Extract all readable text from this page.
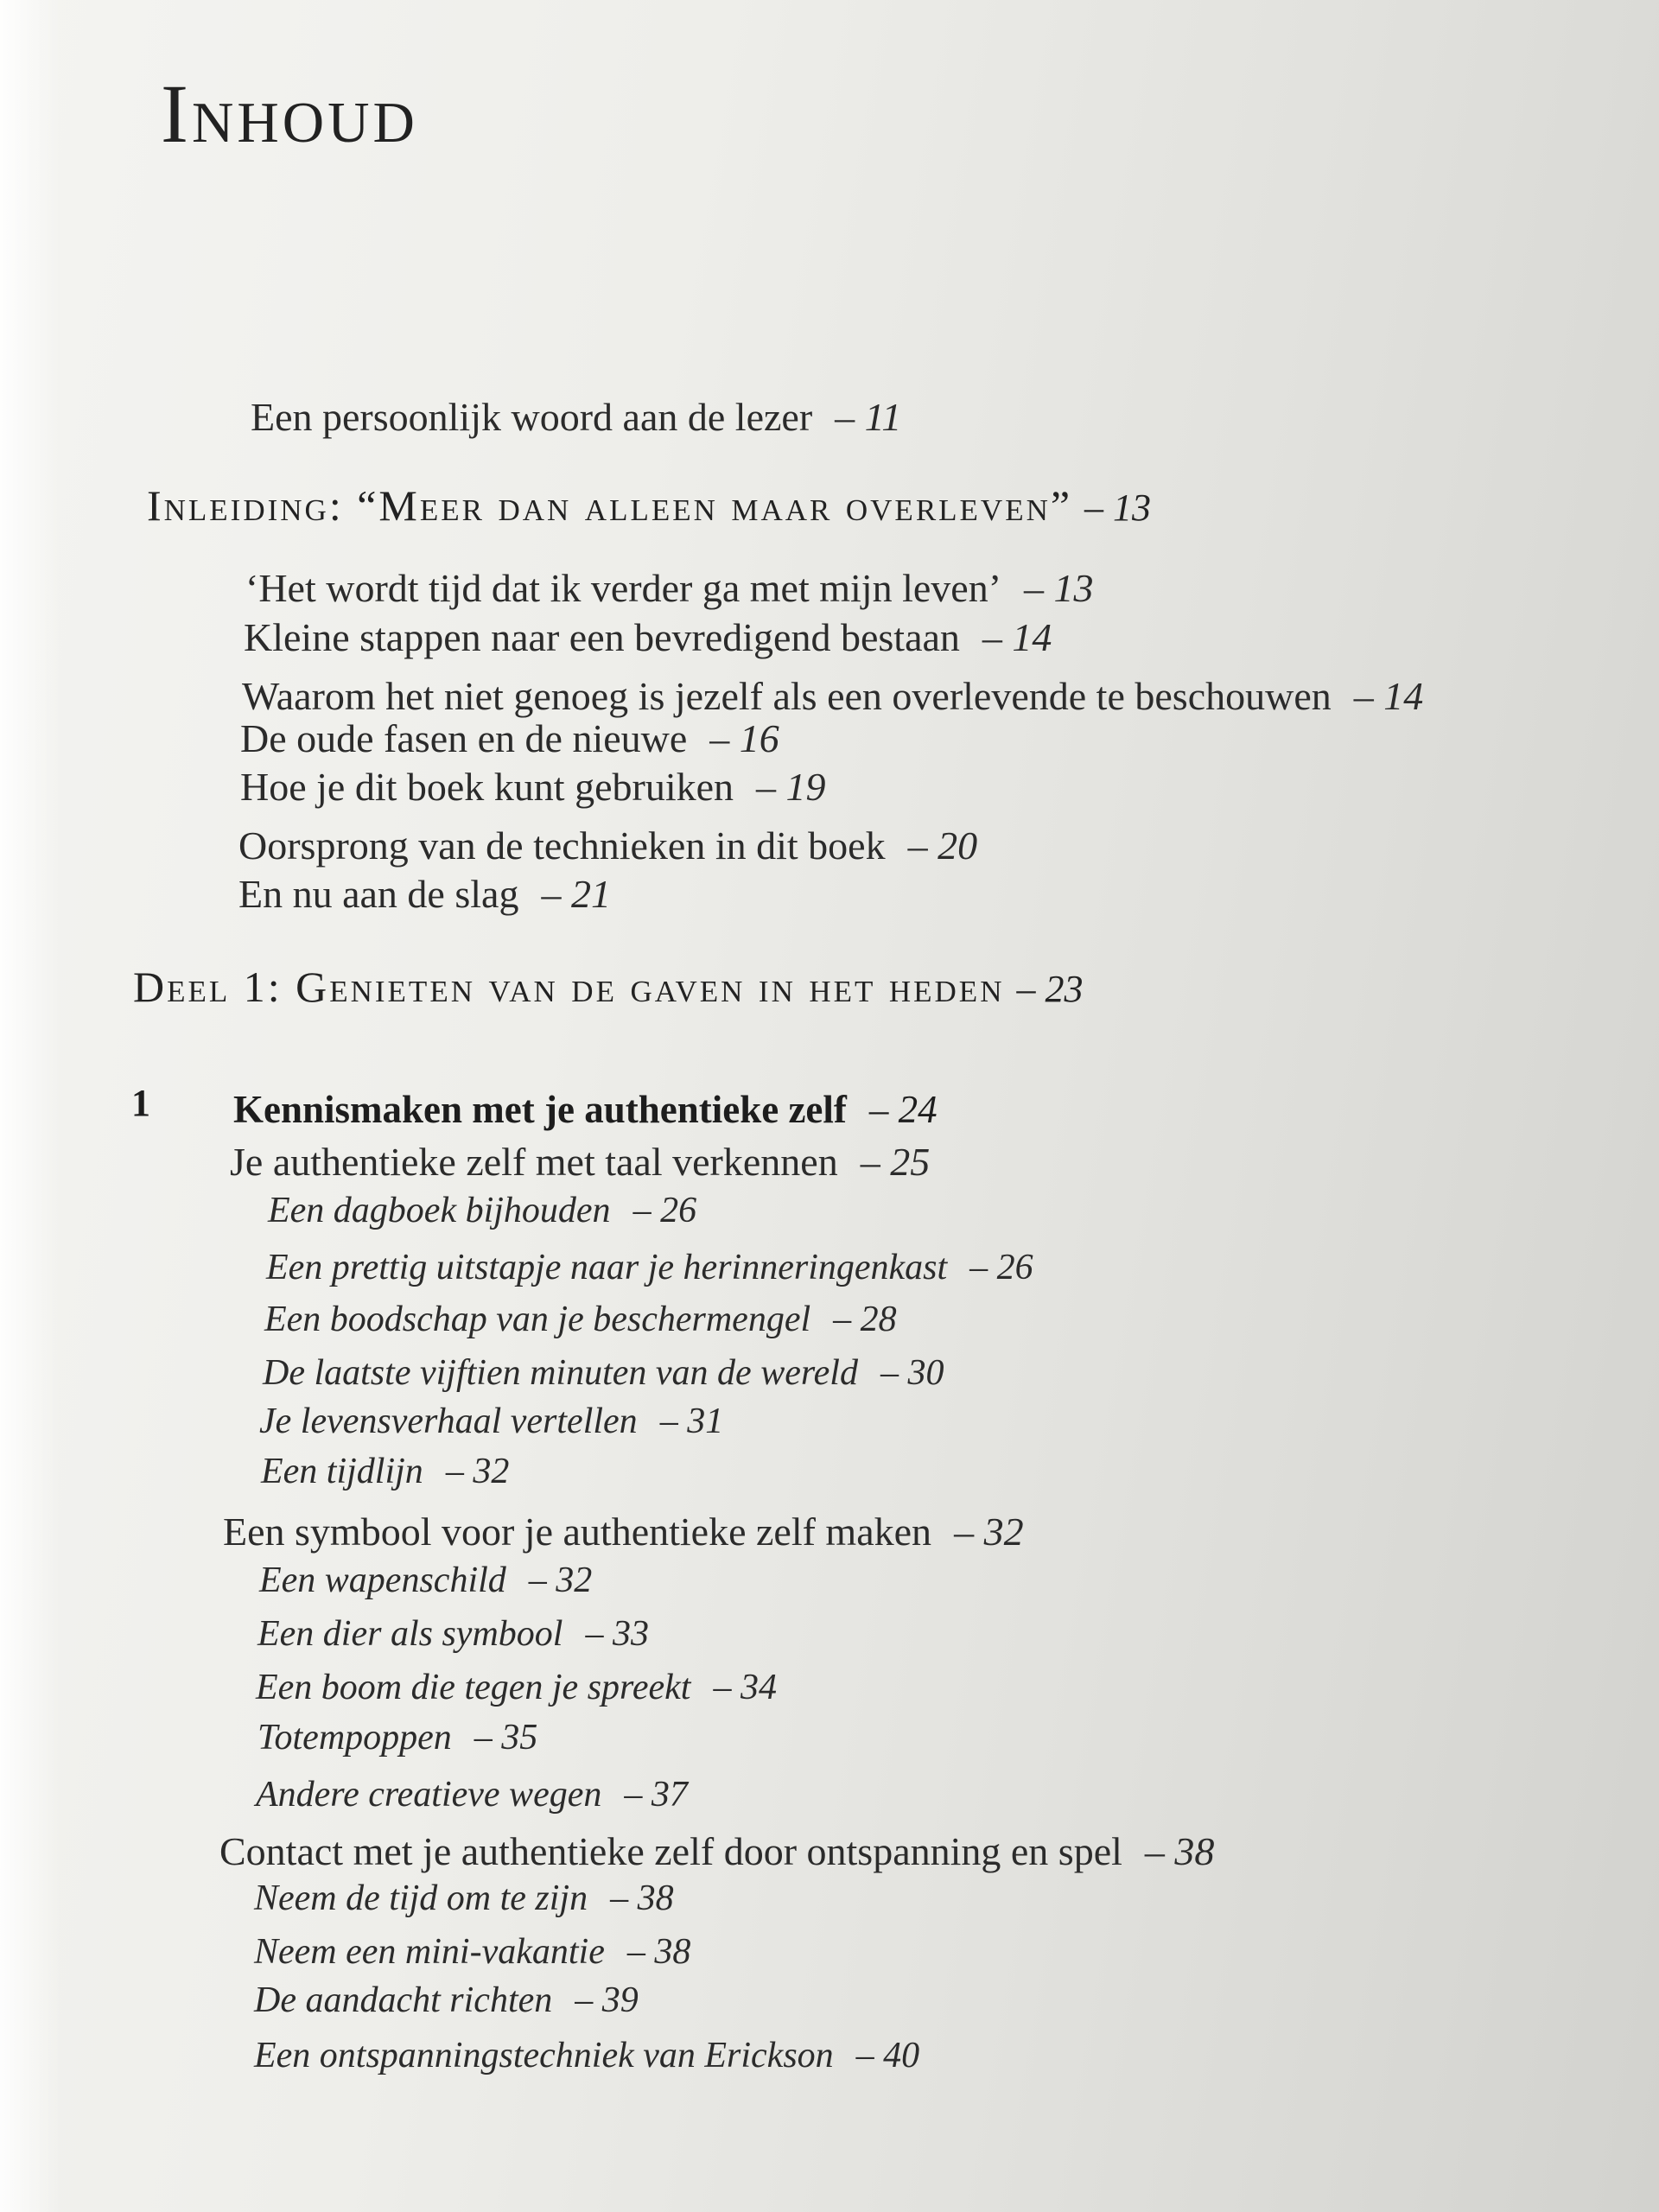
Inhoud
Een persoonlijk woord aan de lezer – 11
Inleiding: “Meer dan alleen maar overleven” – 13
‘Het wordt tijd dat ik verder ga met mijn leven’ – 13
Kleine stappen naar een bevredigend bestaan – 14
Waarom het niet genoeg is jezelf als een overlevende te beschouwen – 14
De oude fasen en de nieuwe – 16
Hoe je dit boek kunt gebruiken – 19
Oorsprong van de technieken in dit boek – 20
En nu aan de slag – 21
Deel 1: Genieten van de gaven in het heden – 23
1 Kennismaken met je authentieke zelf – 24
Je authentieke zelf met taal verkennen – 25
Een dagboek bijhouden – 26
Een prettig uitstapje naar je herinneringenkast – 26
Een boodschap van je beschermengel – 28
De laatste vijftien minuten van de wereld – 30
Je levensverhaal vertellen – 31
Een tijdlijn – 32
Een symbool voor je authentieke zelf maken – 32
Een wapenschild – 32
Een dier als symbool – 33
Een boom die tegen je spreekt – 34
Totempoppen – 35
Andere creatieve wegen – 37
Contact met je authentieke zelf door ontspanning en spel – 38
Neem de tijd om te zijn – 38
Neem een mini-vakantie – 38
De aandacht richten – 39
Een ontspanningstechniek van Erickson – 40
